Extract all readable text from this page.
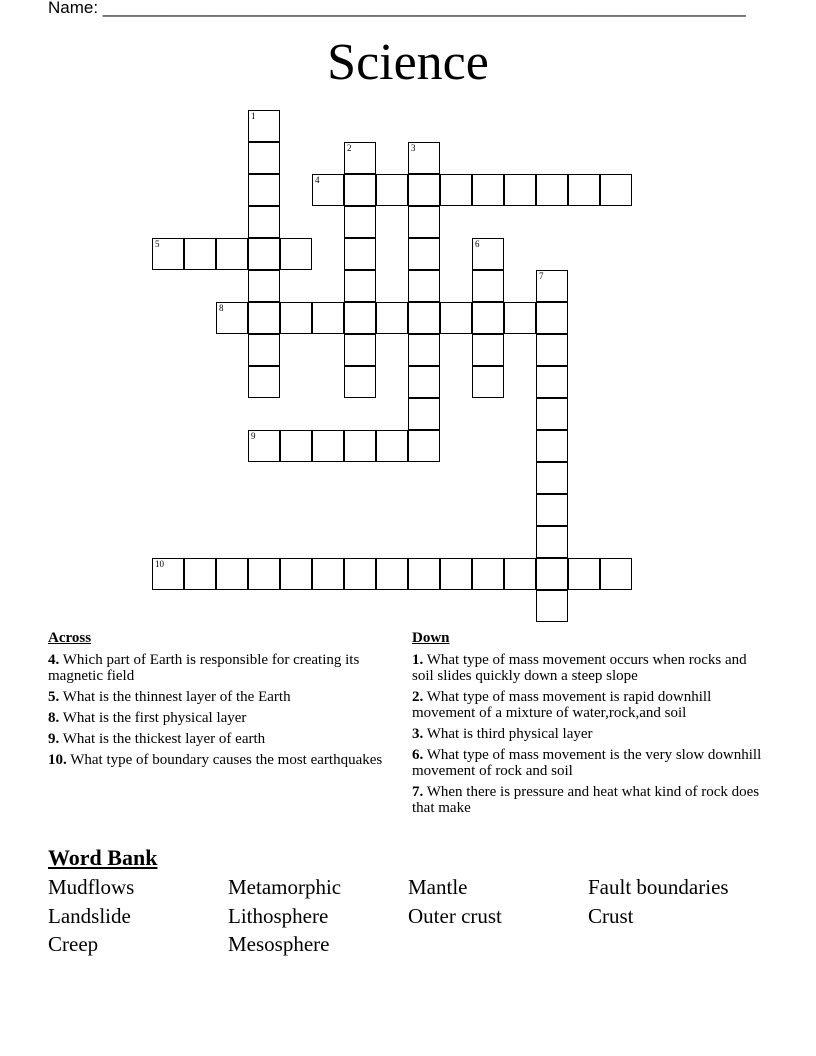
Name: ____________________________________________________________________
Science
1
2	3
4
5	6
7
8
9
10
Across
4. Which part of Earth is responsible for creating its magnetic field
5. What is the thinnest layer of the Earth
8. What is the first physical layer
9. What is the thickest layer of earth
10. What type of boundary causes the most earthquakes
Down
1. What type of mass movement occurs when rocks and soil slides quickly down a steep slope
2. What type of mass movement is rapid downhill movement of a mixture of water,rock,and soil
3. What is third physical layer
6. What type of mass movement is the very slow downhill movement of rock and soil
7. When there is pressure and heat what kind of rock does that make
Word Bank
Mudflows	Metamorphic	Mantle	Fault boundaries
Landslide	Lithosphere	Outer crust	Crust
Creep	Mesosphere
